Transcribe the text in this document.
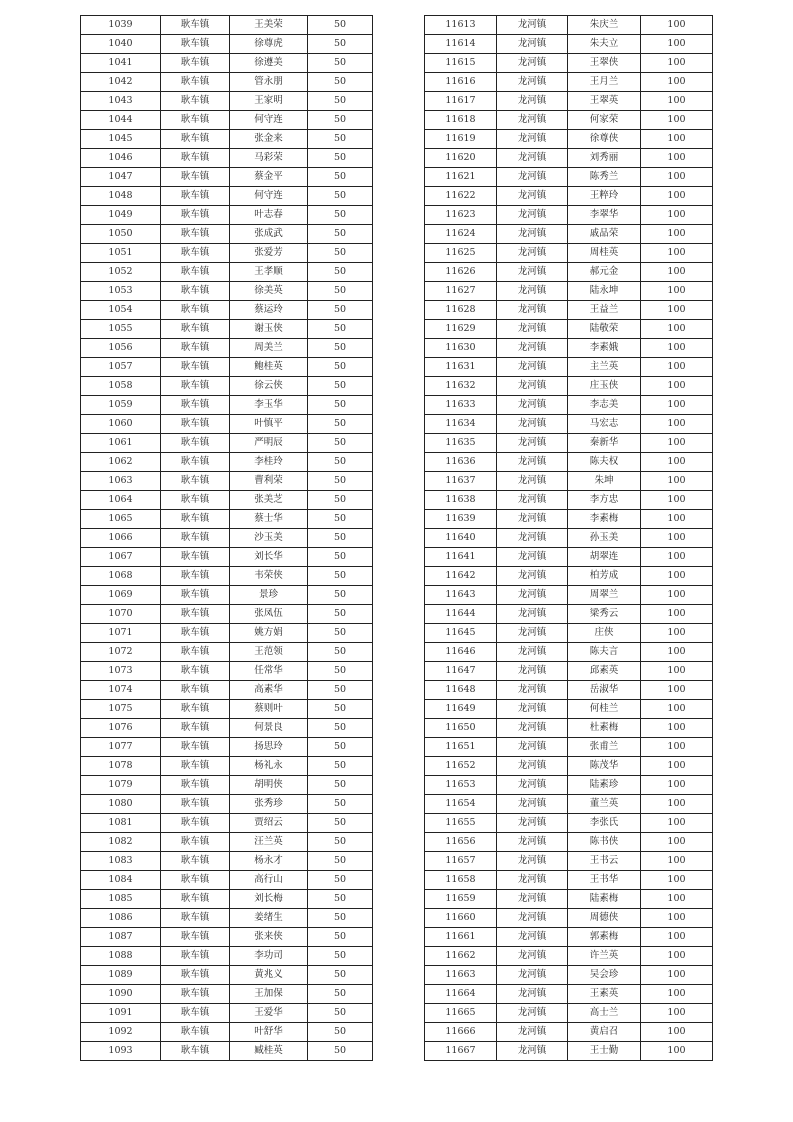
1039	耿车镇	王美荣	50
1040	耿车镇	徐尊虎	50
1041	耿车镇	徐遵美	50
1042	耿车镇	管永朋	50
1043	耿车镇	王家明	50
1044	耿车镇	何守连	50
1045	耿车镇	张金来	50
1046	耿车镇	马彩荣	50
1047	耿车镇	蔡金平	50
1048	耿车镇	何守连	50
1049	耿车镇	叶志春	50
1050	耿车镇	张成武	50
1051	耿车镇	张爱芳	50
1052	耿车镇	王孝顺	50
1053	耿车镇	徐美英	50
1054	耿车镇	蔡运玲	50
1055	耿车镇	谢玉侠	50
1056	耿车镇	周美兰	50
1057	耿车镇	鲍桂英	50
1058	耿车镇	徐云侠	50
1059	耿车镇	李玉华	50
1060	耿车镇	叶慎平	50
1061	耿车镇	严明辰	50
1062	耿车镇	李桂玲	50
1063	耿车镇	曹利荣	50
1064	耿车镇	张美芝	50
1065	耿车镇	蔡士华	50
1066	耿车镇	沙玉美	50
1067	耿车镇	刘长华	50
1068	耿车镇	韦荣侠	50
1069	耿车镇	景珍	50
1070	耿车镇	张凤伍	50
1071	耿车镇	姚方娟	50
1072	耿车镇	王范领	50
1073	耿车镇	任常华	50
1074	耿车镇	高素华	50
1075	耿车镇	蔡则叶	50
1076	耿车镇	何景良	50
1077	耿车镇	扬思玲	50
1078	耿车镇	杨礼永	50
1079	耿车镇	胡明侠	50
1080	耿车镇	张秀珍	50
1081	耿车镇	贾绍云	50
1082	耿车镇	汪兰英	50
1083	耿车镇	杨永才	50
1084	耿车镇	高行山	50
1085	耿车镇	刘长梅	50
1086	耿车镇	姜绪生	50
1087	耿车镇	张来侠	50
1088	耿车镇	李功司	50
1089	耿车镇	黄兆义	50
1090	耿车镇	王加保	50
1091	耿车镇	王爱华	50
1092	耿车镇	叶舒华	50
1093	耿车镇	臧桂英	50
11613	龙河镇	朱庆兰	100
11614	龙河镇	朱夫立	100
11615	龙河镇	王翠侠	100
11616	龙河镇	王月兰	100
11617	龙河镇	王翠英	100
11618	龙河镇	何家荣	100
11619	龙河镇	徐尊侠	100
11620	龙河镇	刘秀丽	100
11621	龙河镇	陈秀兰	100
11622	龙河镇	王粹玲	100
11623	龙河镇	李翠华	100
11624	龙河镇	戚品荣	100
11625	龙河镇	周桂英	100
11626	龙河镇	郝元金	100
11627	龙河镇	陆永坤	100
11628	龙河镇	王益兰	100
11629	龙河镇	陆敬荣	100
11630	龙河镇	李素娥	100
11631	龙河镇	主兰英	100
11632	龙河镇	庄玉侠	100
11633	龙河镇	李志美	100
11634	龙河镇	马宏志	100
11635	龙河镇	秦新华	100
11636	龙河镇	陈夫权	100
11637	龙河镇	朱坤	100
11638	龙河镇	李方忠	100
11639	龙河镇	李素梅	100
11640	龙河镇	孙玉美	100
11641	龙河镇	胡翠连	100
11642	龙河镇	柏芳成	100
11643	龙河镇	周翠兰	100
11644	龙河镇	梁秀云	100
11645	龙河镇	庄侠	100
11646	龙河镇	陈夫言	100
11647	龙河镇	邱素英	100
11648	龙河镇	岳淑华	100
11649	龙河镇	何桂兰	100
11650	龙河镇	杜素梅	100
11651	龙河镇	张甫兰	100
11652	龙河镇	陈茂华	100
11653	龙河镇	陆素珍	100
11654	龙河镇	董兰英	100
11655	龙河镇	李张氏	100
11656	龙河镇	陈书侠	100
11657	龙河镇	王书云	100
11658	龙河镇	王书华	100
11659	龙河镇	陆素梅	100
11660	龙河镇	周德侠	100
11661	龙河镇	郭素梅	100
11662	龙河镇	许兰英	100
11663	龙河镇	吴会珍	100
11664	龙河镇	王素英	100
11665	龙河镇	高士兰	100
11666	龙河镇	黄启召	100
11667	龙河镇	王士勤	100
